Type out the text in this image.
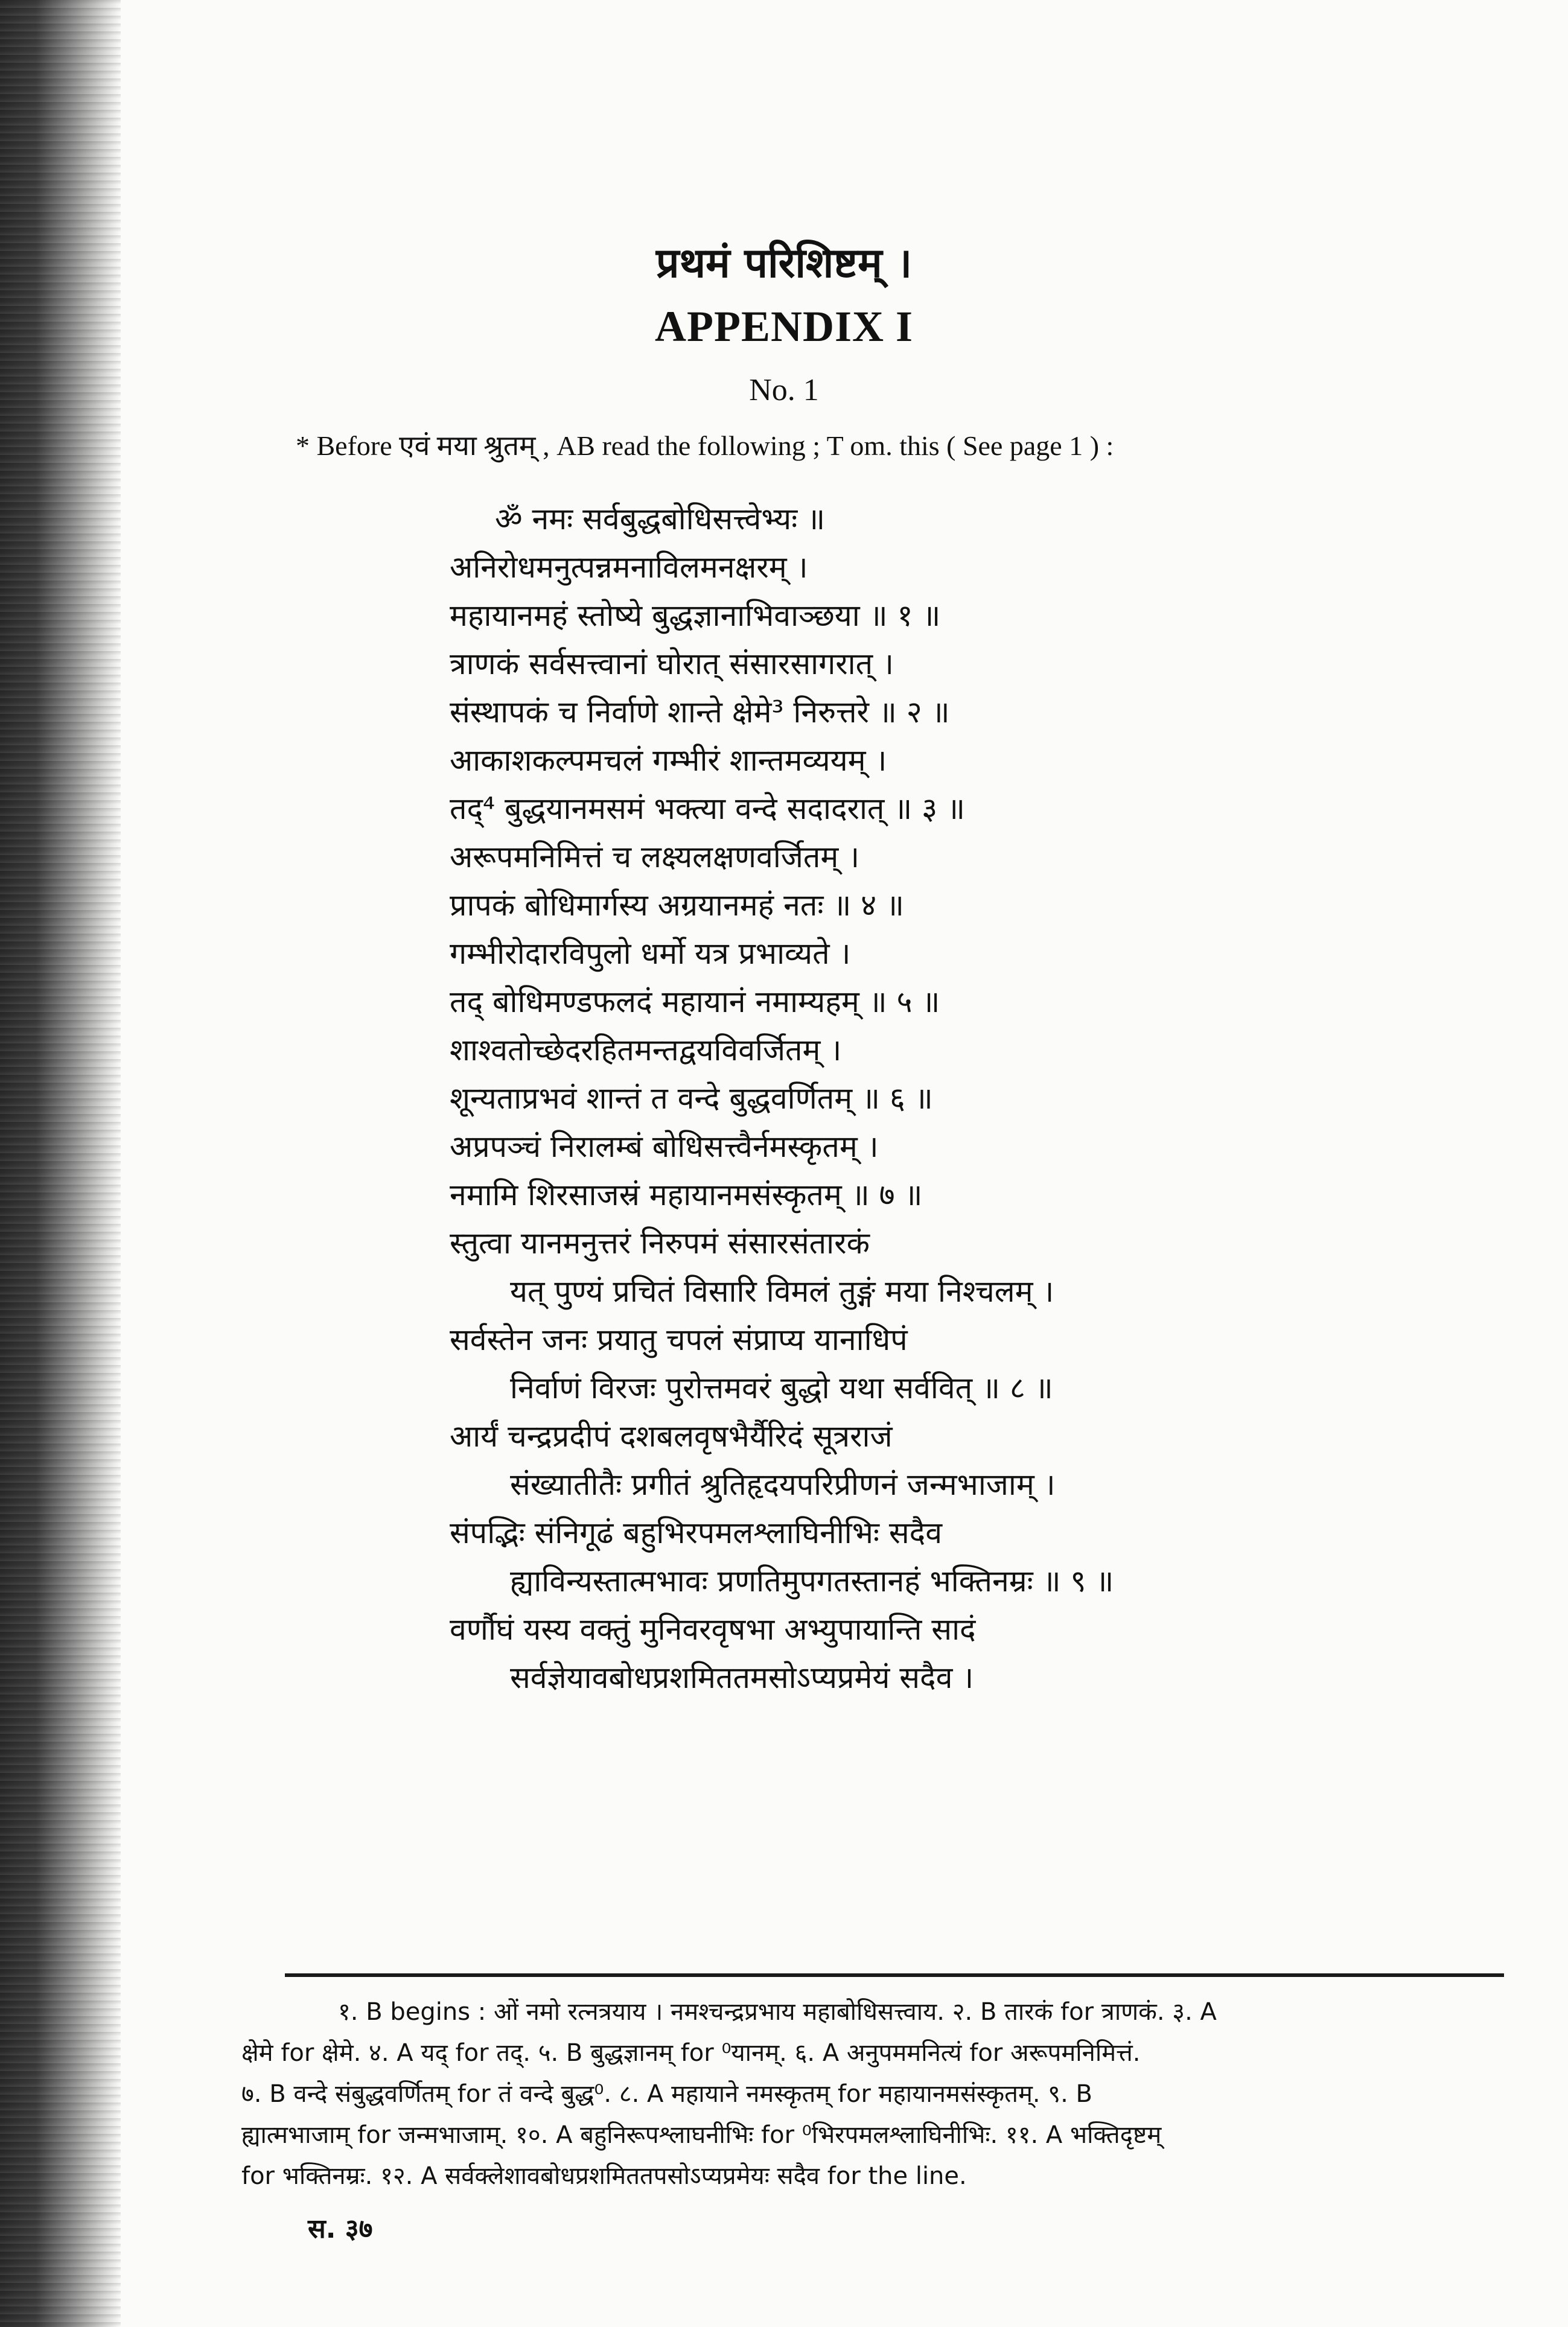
प्रथमं परिशिष्टम् ।
APPENDIX I
No. 1
* Before एवं मया श्रुतम् , AB read the following ; T om. this ( See page 1 ) :
ॐ नमः सर्वबुद्धबोधिसत्त्वेभ्यः ॥
अनिरोधमनुत्पन्नमनाविलमनक्षरम् ।
महायानमहं स्तोष्ये बुद्धज्ञानाभिवाञ्छया ॥ १ ॥
त्राणकं सर्वसत्त्वानां घोरात् संसारसागरात् ।
संस्थापकं च निर्वाणे शान्ते क्षेमे³ निरुत्तरे ॥ २ ॥
आकाशकल्पमचलं गम्भीरं शान्तमव्ययम् ।
तद्⁴ बुद्धयानमसमं भक्त्या वन्दे सदादरात् ॥ ३ ॥
अरूपमनिमित्तं च लक्ष्यलक्षणवर्जितम् ।
प्रापकं बोधिमार्गस्य अग्रयानमहं नतः ॥ ४ ॥
गम्भीरोदारविपुलो धर्मो यत्र प्रभाव्यते ।
तद् बोधिमण्डफलदं महायानं नमाम्यहम् ॥ ५ ॥
शाश्वतोच्छेदरहितमन्तद्वयविवर्जितम् ।
शून्यताप्रभवं शान्तं त वन्दे बुद्धवर्णितम् ॥ ६ ॥
अप्रपञ्चं निरालम्बं बोधिसत्त्वैर्नमस्कृतम् ।
नमामि शिरसाजस्रं महायानमसंस्कृतम् ॥ ७ ॥
स्तुत्वा यानमनुत्तरं निरुपमं संसारसंतारकं
यत् पुण्यं प्रचितं विसारि विमलं तुङ्गं मया निश्चलम् ।
सर्वस्तेन जनः प्रयातु चपलं संप्राप्य यानाधिपं
निर्वाणं विरजः पुरोत्तमवरं बुद्धो यथा सर्ववित् ॥ ८ ॥
आर्यं चन्द्रप्रदीपं दशबलवृषभैर्यैरिदं सूत्रराजं
संख्यातीतैः प्रगीतं श्रुतिहृदयपरिप्रीणनं जन्मभाजाम् ।
संपद्भिः संनिगूढं बहुभिरपमलश्लाघिनीभिः सदैव
ह्याविन्यस्तात्मभावः प्रणतिमुपगतस्तानहं भक्तिनम्रः ॥ ९ ॥
वर्णौघं यस्य वक्तुं मुनिवरवृषभा अभ्युपायान्ति सादं
सर्वज्ञेयावबोधप्रशमिततमसोऽप्यप्रमेयं सदैव ।
१. B begins : ओं नमो रत्नत्रयाय । नमश्चन्द्रप्रभाय महाबोधिसत्त्वाय. २. B तारकं for त्राणकं. ३. A
क्षेमे for क्षेमे. ४. A यद् for तद्. ५. B बुद्धज्ञानम् for ⁰यानम्. ६. A अनुपममनित्यं for अरूपमनिमित्तं.
७. B वन्दे संबुद्धवर्णितम् for तं वन्दे बुद्ध⁰. ८. A महायाने नमस्कृतम् for महायानमसंस्कृतम्. ९. B
ह्यात्मभाजाम् for जन्मभाजाम्. १०. A बहुनिरूपश्लाघनीभिः for ⁰भिरपमलश्लाघिनीभिः. ११. A भक्तिदृष्टम्
for भक्तिनम्रः. १२. A सर्वक्लेशावबोधप्रशमिततपसोऽप्यप्रमेयः सदैव for the line.
स. ३७
